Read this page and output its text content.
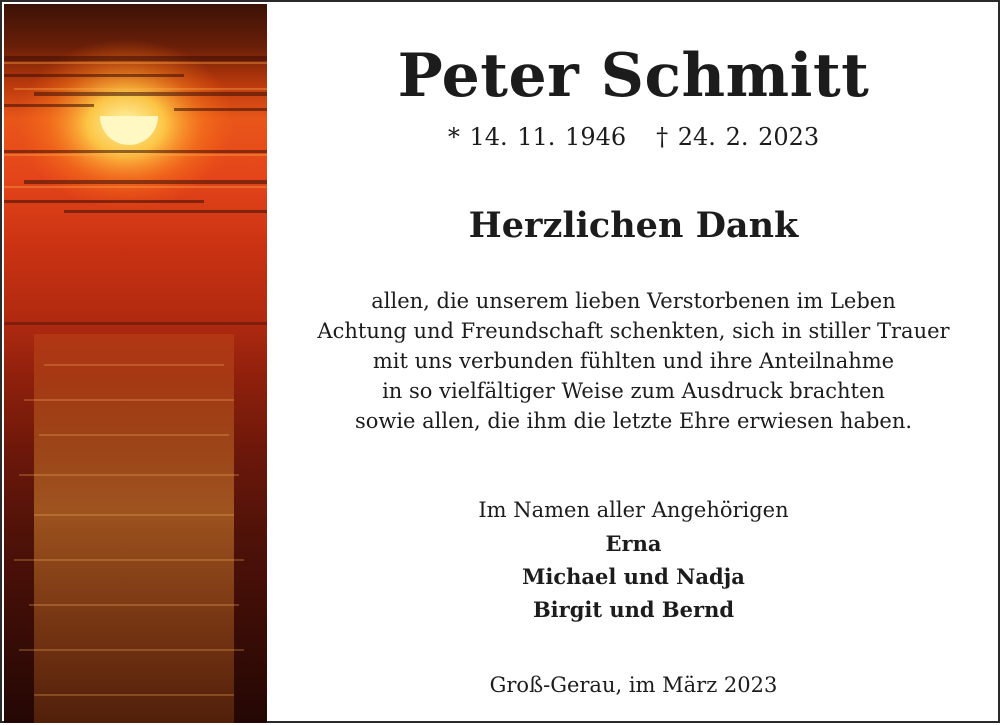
Peter Schmitt
* 14. 11. 1946 † 24. 2. 2023
Herzlichen Dank
allen, die unserem lieben Verstorbenen im Leben
Achtung und Freundschaft schenkten, sich in stiller Trauer
mit uns verbunden fühlten und ihre Anteilnahme
in so vielfältiger Weise zum Ausdruck brachten
sowie allen, die ihm die letzte Ehre erwiesen haben.
Im Namen aller Angehörigen
Erna
Michael und Nadja
Birgit und Bernd
Groß-Gerau, im März 2023
